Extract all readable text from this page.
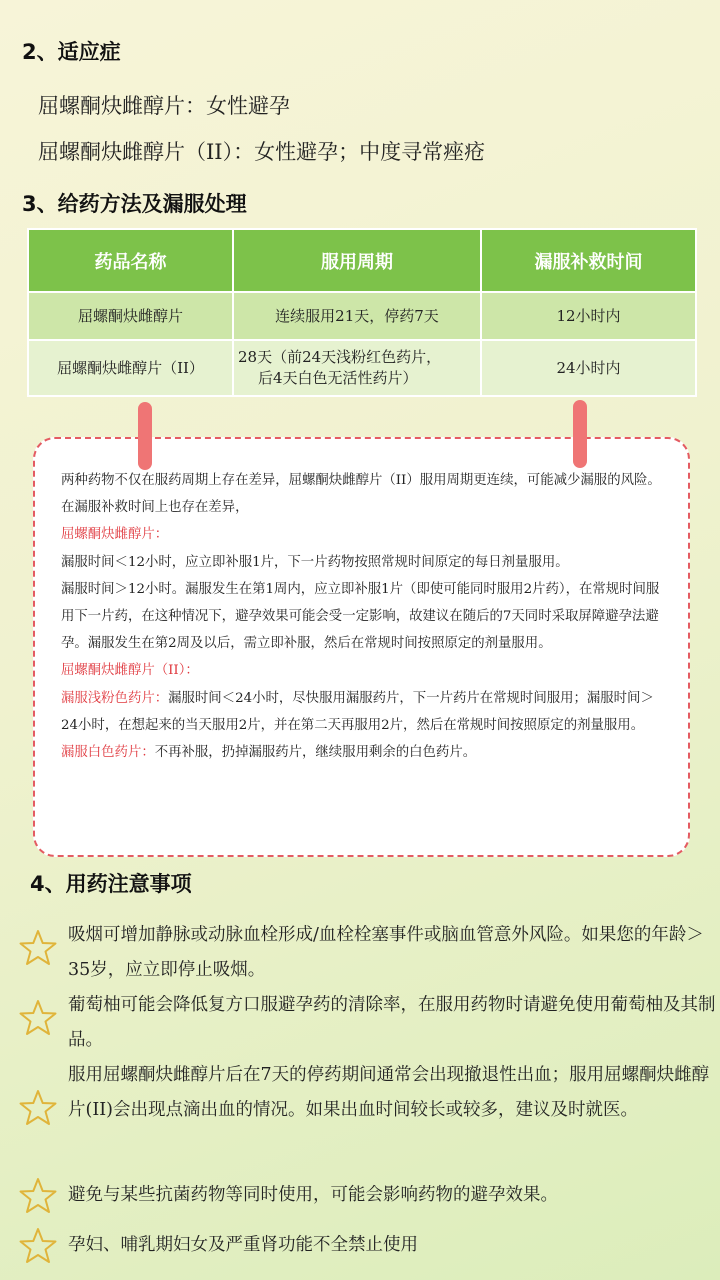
2、适应症
屈螺酮炔雌醇片：女性避孕
屈螺酮炔雌醇片（II）：女性避孕；中度寻常痤疮
3、给药方法及漏服处理
药品名称	服用周期	漏服补救时间
屈螺酮炔雌醇片	连续服用21天，停药7天	12小时内
屈螺酮炔雌醇片（II）	28天（前24天浅粉红色药片，
后4天白色无活性药片）	24小时内

两种药物不仅在服药周期上存在差异，屈螺酮炔雌醇片（II）服用周期更连续，可能减少漏服的风险。在漏服补救时间上也存在差异，

屈螺酮炔雌醇片：

漏服时间＜12小时，应立即补服1片，下一片药物按照常规时间原定的每日剂量服用。

漏服时间＞12小时。漏服发生在第1周内，应立即补服1片（即使可能同时服用2片药），在常规时间服用下一片药，在这种情况下，避孕效果可能会受一定影响，故建议在随后的7天同时采取屏障避孕法避孕。漏服发生在第2周及以后，需立即补服，然后在常规时间按照原定的剂量服用。

屈螺酮炔雌醇片（II）：

漏服浅粉色药片：漏服时间＜24小时，尽快服用漏服药片，下一片药片在常规时间服用；漏服时间＞24小时，在想起来的当天服用2片，并在第二天再服用2片，然后在常规时间按照原定的剂量服用。

漏服白色药片：不再补服，扔掉漏服药片，继续服用剩余的白色药片。

4、用药注意事项
吸烟可增加静脉或动脉血栓形成/血栓栓塞事件或脑血管意外风险。如果您的年龄＞35岁，应立即停止吸烟。
葡萄柚可能会降低复方口服避孕药的清除率，在服用药物时请避免使用葡萄柚及其制品。
服用屈螺酮炔雌醇片后在7天的停药期间通常会出现撤退性出血；服用屈螺酮炔雌醇片(II)会出现点滴出血的情况。如果出血时间较长或较多，建议及时就医。
避免与某些抗菌药物等同时使用，可能会影响药物的避孕效果。
孕妇、哺乳期妇女及严重肾功能不全禁止使用
